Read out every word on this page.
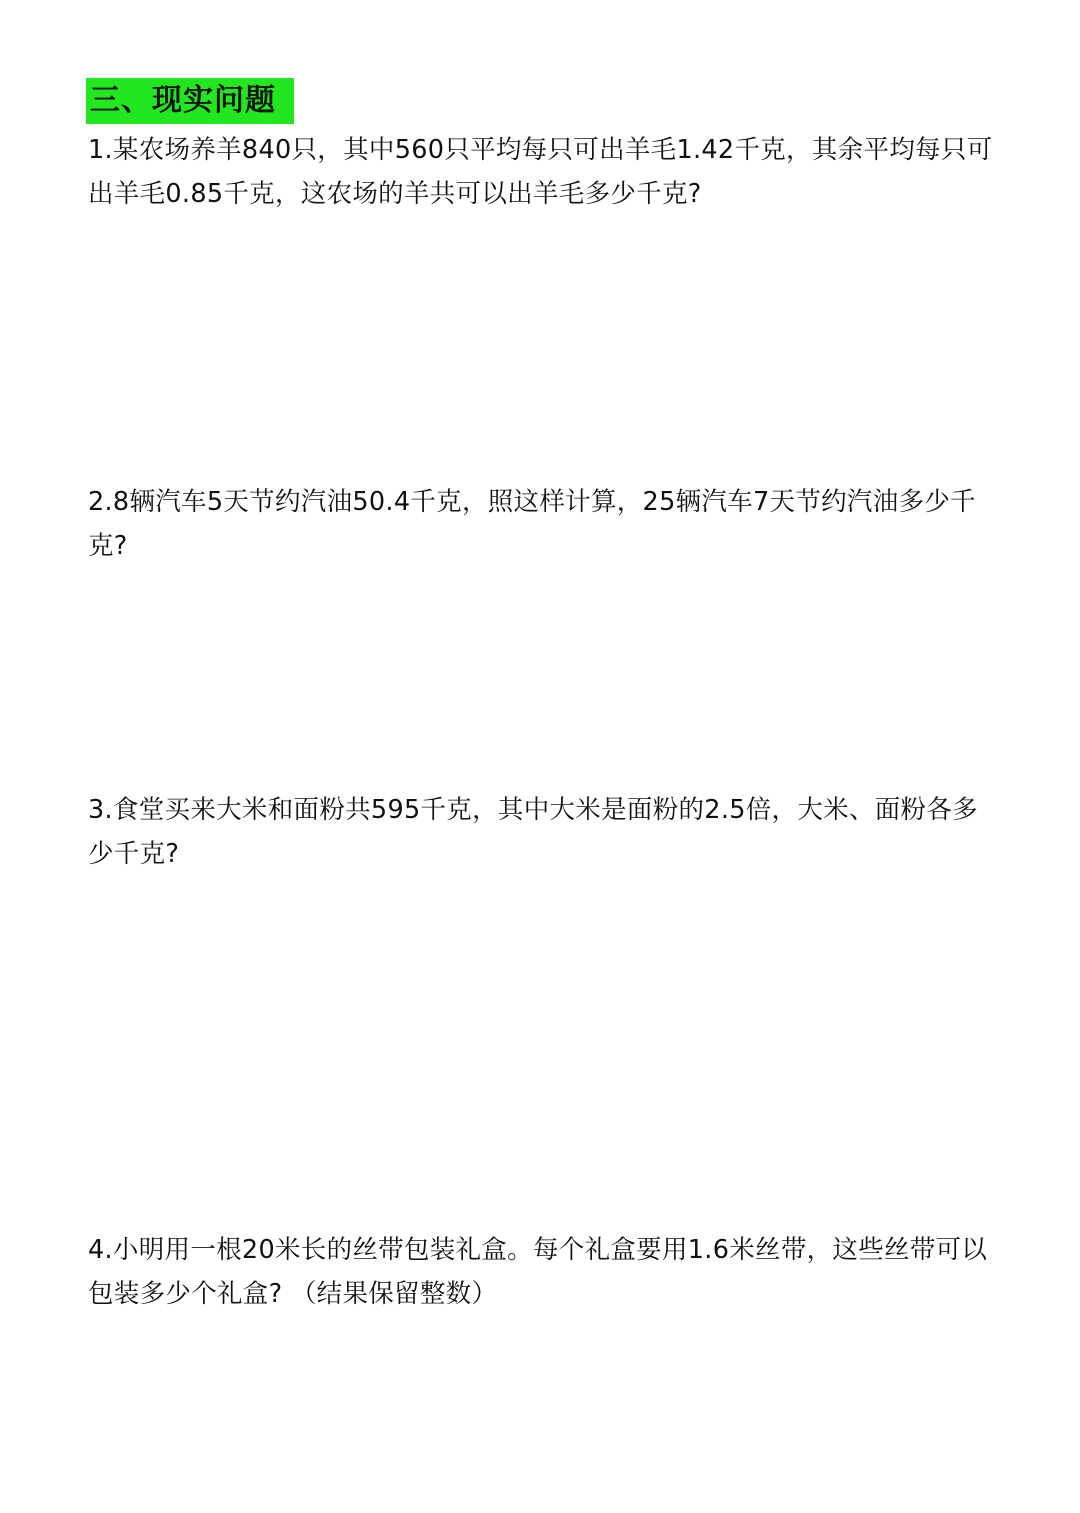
三、现实问题

1.某农场养羊840只，其中560只平均每只可出羊毛1.42千克，其余平均每只可出羊毛0.85千克，这农场的羊共可以出羊毛多少千克?

2.8辆汽车5天节约汽油50.4千克，照这样计算，25辆汽车7天节约汽油多少千克?

3.食堂买来大米和面粉共595千克，其中大米是面粉的2.5倍，大米、面粉各多少千克?

4.小明用一根20米长的丝带包装礼盒。每个礼盒要用1.6米丝带，这些丝带可以包装多少个礼盒? （结果保留整数）
